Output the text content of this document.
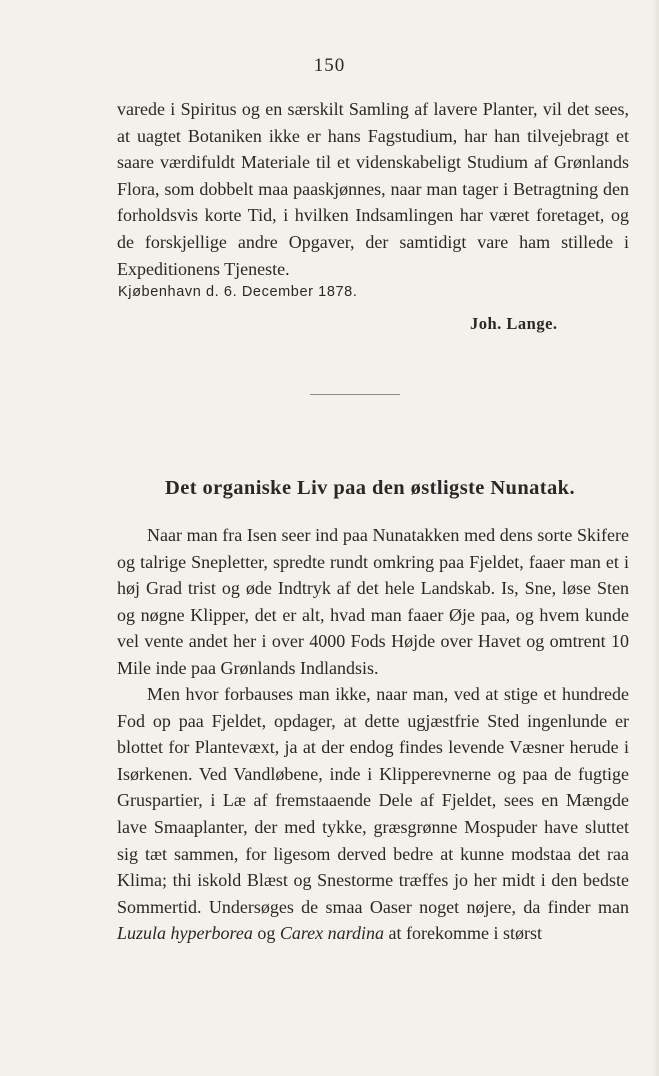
150

varede i Spiritus og en særskilt Samling af lavere Planter, vil det sees, at uagtet Botaniken ikke er hans Fagstudium, har han tilvejebragt et saare værdifuldt Materiale til et videnskabeligt Studium af Grønlands Flora, som dobbelt maa paaskjønnes, naar man tager i Betragtning den forholdsvis korte Tid, i hvilken Indsamlingen har været foretaget, og de forskjellige andre Opgaver, der samtidigt vare ham stillede i Expeditionens Tjeneste.

Kjøbenhavn d. 6. December 1878.
Joh. Lange.
Det organiske Liv paa den østligste Nunatak.

Naar man fra Isen seer ind paa Nunatakken med dens sorte Skifere og talrige Snepletter, spredte rundt omkring paa Fjeldet, faaer man et i høj Grad trist og øde Indtryk af det hele Landskab. Is, Sne, løse Sten og nøgne Klipper, det er alt, hvad man faaer Øje paa, og hvem kunde vel vente andet her i over 4000 Fods Højde over Havet og omtrent 10 Mile inde paa Grønlands Indlandsis.

Men hvor forbauses man ikke, naar man, ved at stige et hundrede Fod op paa Fjeldet, opdager, at dette ugjæstfrie Sted ingenlunde er blottet for Plantevæxt, ja at der endog findes levende Væsner herude i Isørkenen. Ved Vandløbene, inde i Klipperevnerne og paa de fugtige Gruspartier, i Læ af fremstaaende Dele af Fjeldet, sees en Mængde lave Smaaplanter, der med tykke, græsgrønne Mospuder have sluttet sig tæt sammen, for ligesom derved bedre at kunne modstaa det raa Klima; thi iskold Blæst og Snestorme træffes jo her midt i den bedste Sommertid. Undersøges de smaa Oaser noget nøjere, da finder man Luzula hyperborea og Carex nardina at forekomme i størst
